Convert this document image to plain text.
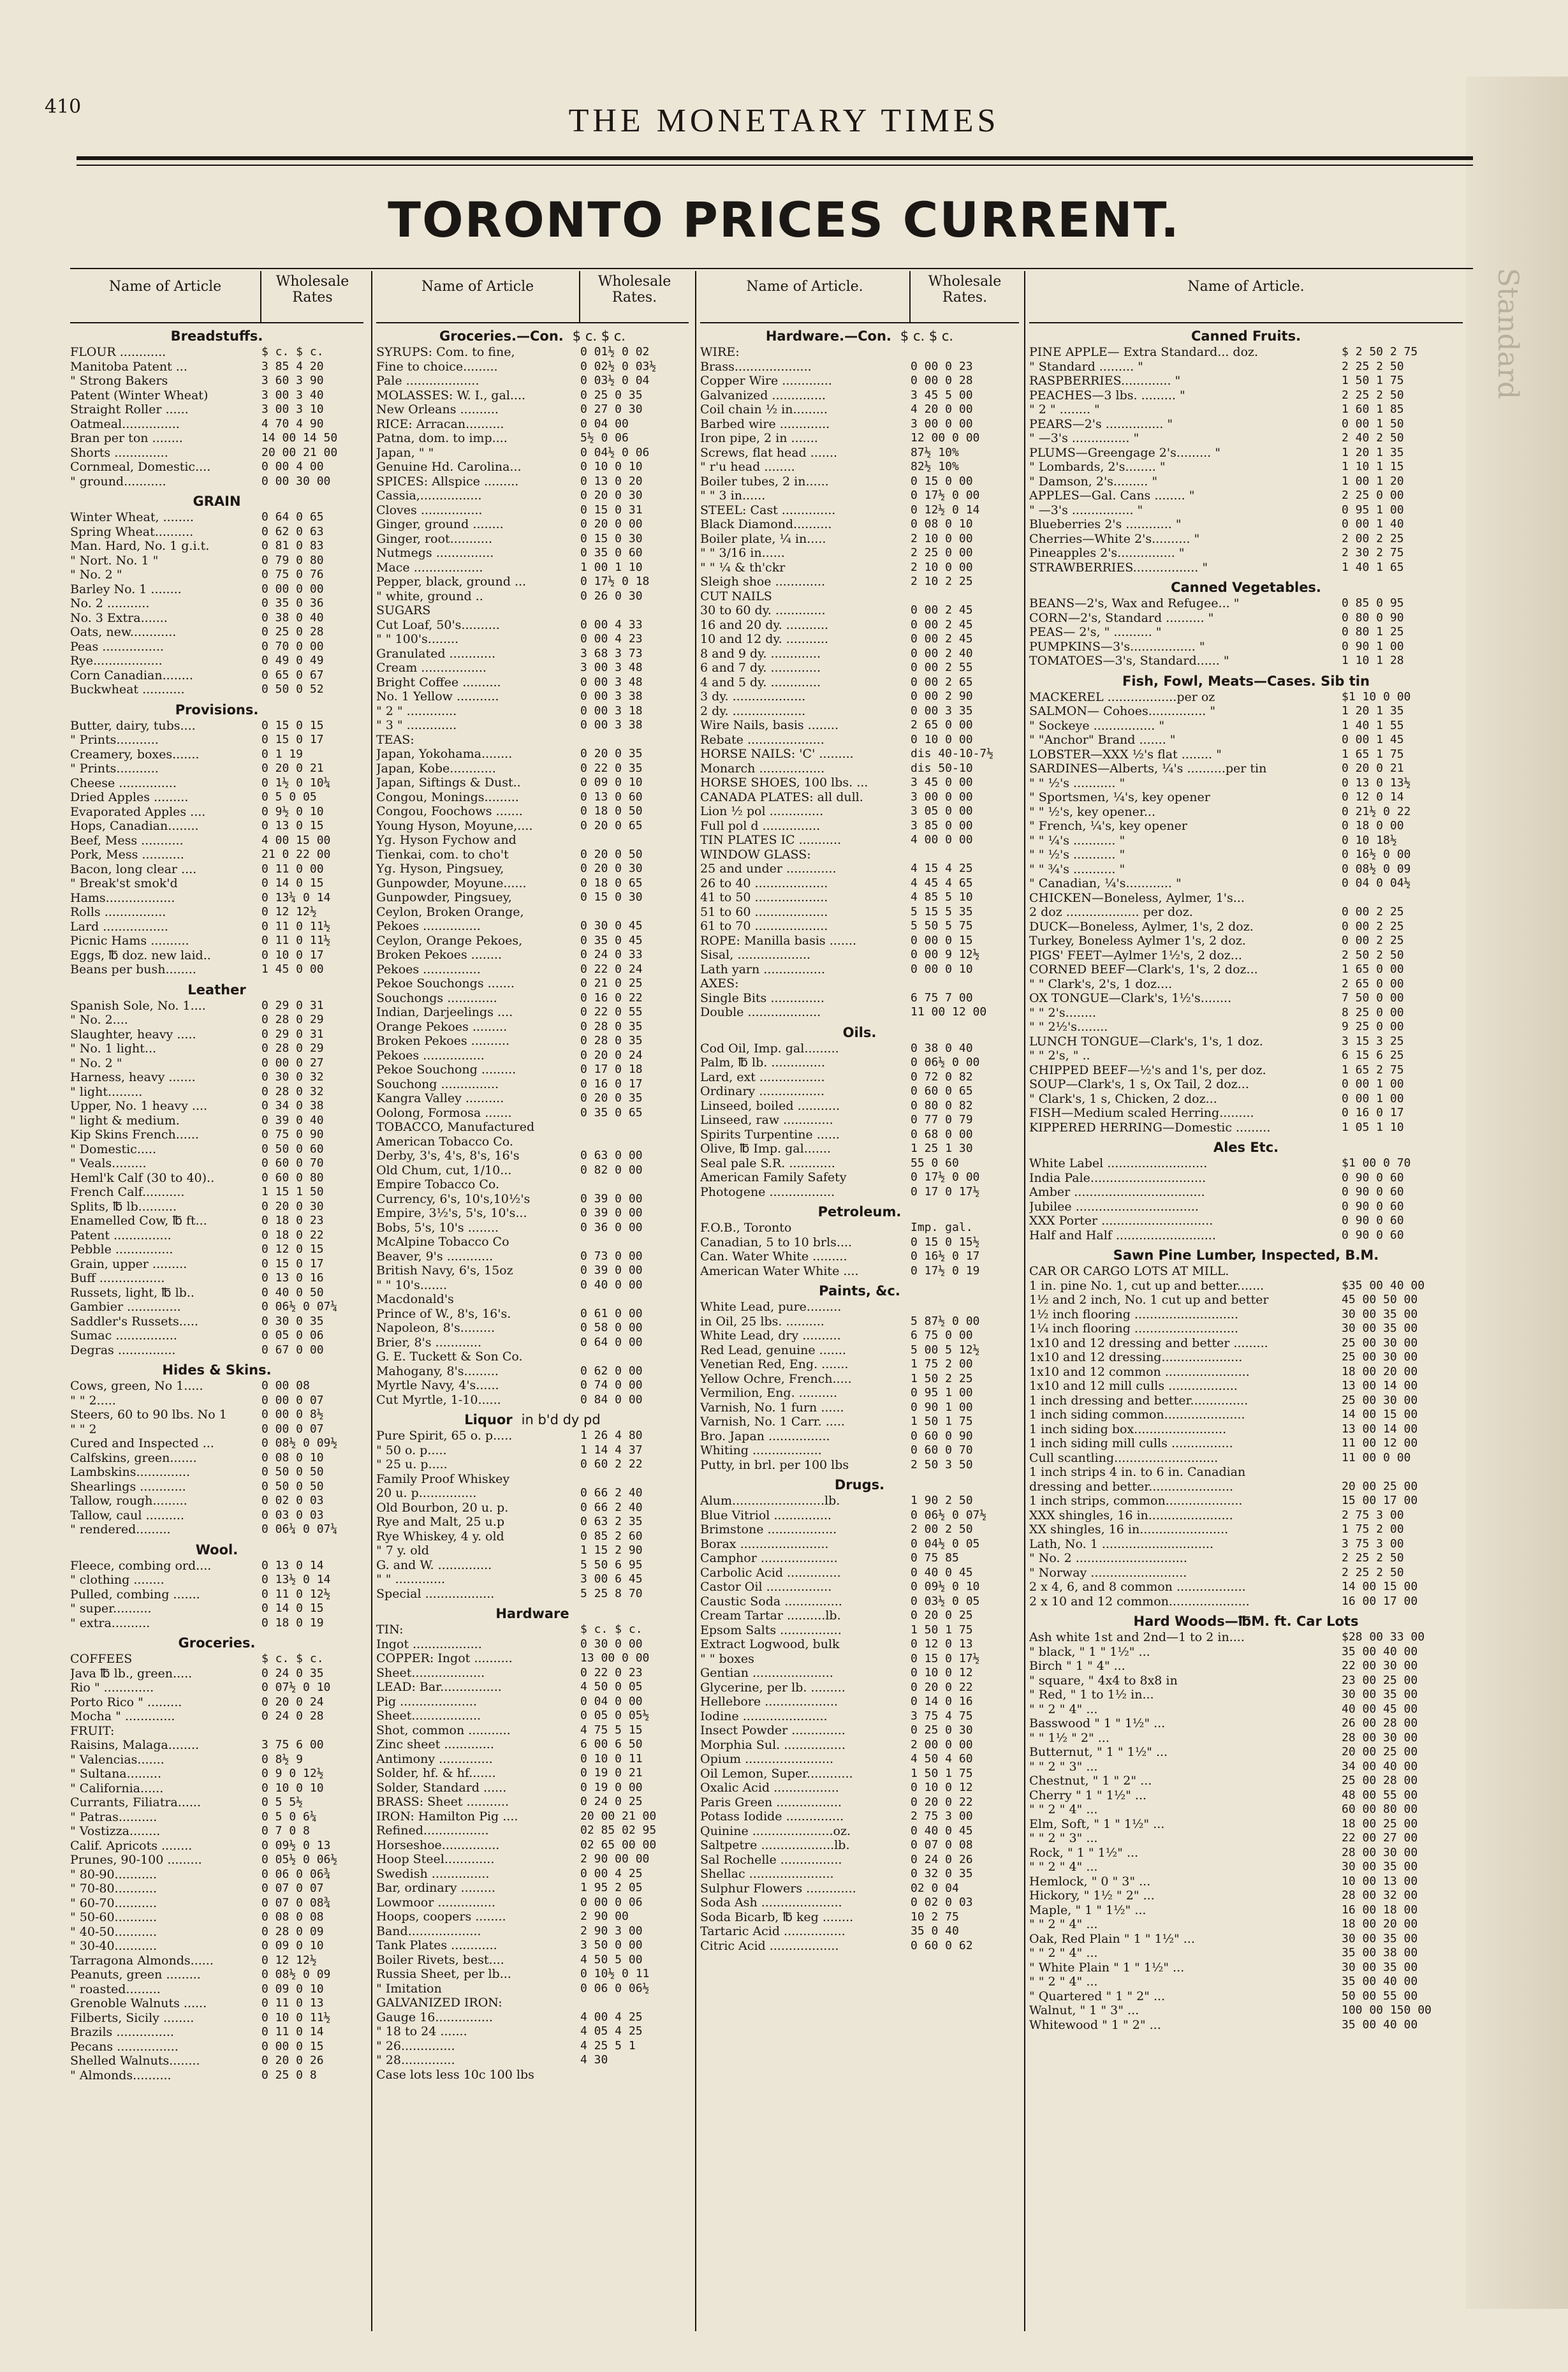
Standard
410	THE MONETARY TIMES
TORONTO PRICES CURRENT.
Name of Article	Wholesale Rates
Breadstuffs.
FLOUR ............	$ c. $ c.
Manitoba Patent ...	3 85 4 20
" Strong Bakers	3 60 3 90
Patent (Winter Wheat)	3 00 3 40
Straight Roller ......	3 00 3 10
Oatmeal...............	4 70 4 90
Bran per ton ........	14 00 14 50
Shorts ..............	20 00 21 00
Cornmeal, Domestic....	0 00 4 00
" ground...........	0 00 30 00
GRAIN
Winter Wheat, ........	0 64 0 65
Spring Wheat..........	0 62 0 63
Man. Hard, No. 1 g.i.t.	0 81 0 83
" Nort. No. 1 "	0 79 0 80
" No. 2 "	0 75 0 76
Barley No. 1 ........	0 00 0 00
No. 2 ...........	0 35 0 36
No. 3 Extra.......	0 38 0 40
Oats, new............	0 25 0 28
Peas ................	0 70 0 00
Rye..................	0 49 0 49
Corn Canadian........	0 65 0 67
Buckwheat ...........	0 50 0 52
Provisions.
Butter, dairy, tubs....	0 15 0 15
" Prints...........	0 15 0 17
Creamery, boxes.......	0 1 19
" Prints...........	0 20 0 21
Cheese ...............	0 1½ 0 10¼
Dried Apples .........	0 5 0 05
Evaporated Apples ....	0 9½ 0 10
Hops, Canadian........	0 13 0 15
Beef, Mess ...........	4 00 15 00
Pork, Mess ...........	21 0 22 00
Bacon, long clear ....	0 11 0 00
" Break'st smok'd	0 14 0 15
Hams..................	0 13¼ 0 14
Rolls ................	0 12 12½
Lard .................	0 11 0 11½
Picnic Hams ..........	0 11 0 11½
Eggs, ℔ doz. new laid..	0 10 0 17
Beans per bush........	1 45 0 00
Leather
Spanish Sole, No. 1....	0 29 0 31
" No. 2....	0 28 0 29
Slaughter, heavy .....	0 29 0 31
" No. 1 light...	0 28 0 29
" No. 2 "	0 00 0 27
Harness, heavy .......	0 30 0 32
" light.........	0 28 0 32
Upper, No. 1 heavy ....	0 34 0 38
" light & medium.	0 39 0 40
Kip Skins French......	0 75 0 90
" Domestic.....	0 50 0 60
" Veals.........	0 60 0 70
Heml'k Calf (30 to 40)..	0 60 0 80
French Calf...........	1 15 1 50
Splits, ℔ lb..........	0 20 0 30
Enamelled Cow, ℔ ft...	0 18 0 23
Patent ...............	0 18 0 22
Pebble ...............	0 12 0 15
Grain, upper .........	0 15 0 17
Buff .................	0 13 0 16
Russets, light, ℔ lb..	0 40 0 50
Gambier ..............	0 06½ 0 07¼
Saddler's Russets.....	0 30 0 35
Sumac ................	0 05 0 06
Degras ...............	0 67 0 00
Hides & Skins.
Cows, green, No 1.....	0 00 08
" " 2.....	0 00 0 07
Steers, 60 to 90 lbs. No 1	0 00 0 8½
" " 2	0 00 0 07
Cured and Inspected ...	0 08½ 0 09½
Calfskins, green.......	0 08 0 10
Lambskins..............	0 50 0 50
Shearlings ............	0 50 0 50
Tallow, rough.........	0 02 0 03
Tallow, caul ..........	0 03 0 03
" rendered.........	0 06¼ 0 07¼
Wool.
Fleece, combing ord....	0 13 0 14
" clothing ........	0 13½ 0 14
Pulled, combing .......	0 11 0 12½
" super..........	0 14 0 15
" extra..........	0 18 0 19
Groceries.
COFFEES	$ c. $ c.
Java ℔ lb., green.....	0 24 0 35
Rio " .............	0 07½ 0 10
Porto Rico " .........	0 20 0 24
Mocha " .............	0 24 0 28
FRUIT:
Raisins, Malaga........	3 75 6 00
" Valencias.......	0 8½ 9
" Sultana.........	0 9 0 12½
" California......	0 10 0 10
Currants, Filiatra......	0 5 5½
" Patras..........	0 5 0 6¼
" Vostizza........	0 7 0 8
Calif. Apricots ........	0 09½ 0 13
Prunes, 90-100 .........	0 05½ 0 06½
" 80-90...........	0 06 0 06¾
" 70-80...........	0 07 0 07
" 60-70...........	0 07 0 08¾
" 50-60...........	0 08 0 08
" 40-50...........	0 28 0 09
" 30-40...........	0 09 0 10
Tarragona Almonds......	0 12 12½
Peanuts, green .........	0 08½ 0 09
" roasted.........	0 09 0 10
Grenoble Walnuts ......	0 11 0 13
Filberts, Sicily ........	0 10 0 11½
Brazils ...............	0 11 0 14
Pecans ................	0 00 0 15
Shelled Walnuts........	0 20 0 26
" Almonds..........	0 25 0 8
Name of Article	Wholesale Rates.
Groceries.—Con. $ c. $ c.
SYRUPS: Com. to fine,	0 01½ 0 02
Fine to choice.........	0 02½ 0 03½
Pale ...................	0 03½ 0 04
MOLASSES: W. I., gal....	0 25 0 35
New Orleans ..........	0 27 0 30
RICE: Arracan..........	0 04 00
Patna, dom. to imp....	5½ 0 06
Japan, " "	0 04½ 0 06
Genuine Hd. Carolina...	0 10 0 10
SPICES: Allspice .........	0 13 0 20
Cassia,................	0 20 0 30
Cloves ................	0 15 0 31
Ginger, ground ........	0 20 0 00
Ginger, root...........	0 15 0 30
Nutmegs ...............	0 35 0 60
Mace ..................	1 00 1 10
Pepper, black, ground ...	0 17½ 0 18
" white, ground ..	0 26 0 30
SUGARS
Cut Loaf, 50's..........	0 00 4 33
" " 100's........	0 00 4 23
Granulated ............	3 68 3 73
Cream .................	3 00 3 48
Bright Coffee ..........	0 00 3 48
No. 1 Yellow ...........	0 00 3 38
" 2 " .............	0 00 3 18
" 3 " .............	0 00 3 38
TEAS:
Japan, Yokohama........	0 20 0 35
Japan, Kobe............	0 22 0 35
Japan, Siftings & Dust..	0 09 0 10
Congou, Monings.........	0 13 0 60
Congou, Foochows .......	0 18 0 50
Young Hyson, Moyune,....	0 20 0 65
Yg. Hyson Fychow and
Tienkai, com. to cho't	0 20 0 50
Yg. Hyson, Pingsuey,	0 20 0 30
Gunpowder, Moyune......	0 18 0 65
Gunpowder, Pingsuey,	0 15 0 30
Ceylon, Broken Orange,
Pekoes ...............	0 30 0 45
Ceylon, Orange Pekoes,	0 35 0 45
Broken Pekoes ........	0 24 0 33
Pekoes ...............	0 22 0 24
Pekoe Souchongs .......	0 21 0 25
Souchongs .............	0 16 0 22
Indian, Darjeelings ....	0 22 0 55
Orange Pekoes .........	0 28 0 35
Broken Pekoes ..........	0 28 0 35
Pekoes ................	0 20 0 24
Pekoe Souchong .........	0 17 0 18
Souchong ...............	0 16 0 17
Kangra Valley ..........	0 20 0 35
Oolong, Formosa .......	0 35 0 65
TOBACCO, Manufactured
American Tobacco Co.
Derby, 3's, 4's, 8's, 16's	0 63 0 00
Old Chum, cut, 1/10...	0 82 0 00
Empire Tobacco Co.
Currency, 6's, 10's,10½'s	0 39 0 00
Empire, 3½'s, 5's, 10's...	0 39 0 00
Bobs, 5's, 10's ........	0 36 0 00
McAlpine Tobacco Co
Beaver, 9's ............	0 73 0 00
British Navy, 6's, 15oz	0 39 0 00
" " 10's.......	0 40 0 00
Macdonald's
Prince of W., 8's, 16's.	0 61 0 00
Napoleon, 8's.........	0 58 0 00
Brier, 8's ............	0 64 0 00
G. E. Tuckett & Son Co.
Mahogany, 8's.........	0 62 0 00
Myrtle Navy, 4's......	0 74 0 00
Cut Myrtle, 1-10......	0 84 0 00
Liquor in b'd dy pd
Pure Spirit, 65 o. p.....	1 26 4 80
" 50 o. p.....	1 14 4 37
" 25 u. p.....	0 60 2 22
Family Proof Whiskey
20 u. p...............	0 66 2 40
Old Bourbon, 20 u. p.	0 66 2 40
Rye and Malt, 25 u.p	0 63 2 35
Rye Whiskey, 4 y. old	0 85 2 60
" 7 y. old	1 15 2 90
G. and W. ..............	5 50 6 95
" " .............	3 00 6 45
Special ..................	5 25 8 70
Hardware
TIN:	$ c. $ c.
Ingot ..................	0 30 0 00
COPPER: Ingot ..........	13 00 0 00
Sheet...................	0 22 0 23
LEAD: Bar................	4 50 0 05
Pig ....................	0 04 0 00
Sheet..................	0 05 0 05½
Shot, common ...........	4 75 5 15
Zinc sheet .............	6 00 6 50
Antimony ..............	0 10 0 11
Solder, hf. & hf.......	0 19 0 21
Solder, Standard ......	0 19 0 00
BRASS: Sheet ...........	0 24 0 25
IRON: Hamilton Pig ....	20 00 21 00
Refined.................	02 85 02 95
Horseshoe...............	02 65 00 00
Hoop Steel.............	2 90 00 00
Swedish ...............	0 00 4 25
Bar, ordinary .........	1 95 2 05
Lowmoor ...............	0 00 0 06
Hoops, coopers ........	2 90 00
Band...................	2 90 3 00
Tank Plates ............	3 50 0 00
Boiler Rivets, best....	4 50 5 00
Russia Sheet, per lb...	0 10½ 0 11
" Imitation	0 06 0 06½
GALVANIZED IRON:
Gauge 16...............	4 00 4 25
" 18 to 24 .......	4 05 4 25
" 26..............	4 25 5 1
" 28..............	4 30
Case lots less 10c 100 lbs
Name of Article.	Wholesale Rates.
Hardware.—Con. $ c. $ c.
WIRE:
Brass....................	0 00 0 23
Copper Wire .............	0 00 0 28
Galvanized ..............	3 45 5 00
Coil chain ½ in.........	4 20 0 00
Barbed wire .............	3 00 0 00
Iron pipe, 2 in .......	12 00 0 00
Screws, flat head .......	87½ 10%
" r'u head ........	82½ 10%
Boiler tubes, 2 in......	0 15 0 00
" " 3 in......	0 17½ 0 00
STEEL: Cast ..............	0 12½ 0 14
Black Diamond..........	0 08 0 10
Boiler plate, ¼ in.....	2 10 0 00
" " 3/16 in......	2 25 0 00
" " ¼ & th'ckr	2 10 0 00
Sleigh shoe .............	2 10 2 25
CUT NAILS
30 to 60 dy. .............	0 00 2 45
16 and 20 dy. ...........	0 00 2 45
10 and 12 dy. ...........	0 00 2 45
8 and 9 dy. .............	0 00 2 40
6 and 7 dy. .............	0 00 2 55
4 and 5 dy. .............	0 00 2 65
3 dy. ...................	0 00 2 90
2 dy. ...................	0 00 3 35
Wire Nails, basis ........	2 65 0 00
Rebate ....................	0 10 0 00
HORSE NAILS: 'C' .........	dis 40-10-7½
Monarch .................	dis 50-10
HORSE SHOES, 100 lbs. ...	3 45 0 00
CANADA PLATES: all dull.	3 00 0 00
Lion ½ pol ..............	3 05 0 00
Full pol d ...............	3 85 0 00
TIN PLATES IC ...........	4 00 0 00
WINDOW GLASS:
25 and under .............	4 15 4 25
26 to 40 ...................	4 45 4 65
41 to 50 ...................	4 85 5 10
51 to 60 ...................	5 15 5 35
61 to 70 ...................	5 50 5 75
ROPE: Manilla basis .......	0 00 0 15
Sisal, ...................	0 00 9 12½
Lath yarn ................	0 00 0 10
AXES:
Single Bits ..............	6 75 7 00
Double ...................	11 00 12 00
Oils.
Cod Oil, Imp. gal.........	0 38 0 40
Palm, ℔ lb. ..............	0 06½ 0 00
Lard, ext .................	0 72 0 82
Ordinary .................	0 60 0 65
Linseed, boiled ...........	0 80 0 82
Linseed, raw .............	0 77 0 79
Spirits Turpentine ......	0 68 0 00
Olive, ℔ Imp. gal.......	1 25 1 30
Seal pale S.R. ............	55 0 60
American Family Safety	0 17½ 0 00
Photogene .................	0 17 0 17½
Petroleum.
F.O.B., Toronto	Imp. gal.
Canadian, 5 to 10 brls....	0 15 0 15½
Can. Water White .........	0 16½ 0 17
American Water White ....	0 17½ 0 19
Paints, &c.
White Lead, pure.........
in Oil, 25 lbs. ..........	5 87½ 0 00
White Lead, dry ..........	6 75 0 00
Red Lead, genuine .......	5 00 5 12½
Venetian Red, Eng. .......	1 75 2 00
Yellow Ochre, French.....	1 50 2 25
Vermilion, Eng. ..........	0 95 1 00
Varnish, No. 1 furn ......	0 90 1 00
Varnish, No. 1 Carr. .....	1 50 1 75
Bro. Japan ................	0 60 0 90
Whiting ..................	0 60 0 70
Putty, in brl. per 100 lbs	2 50 3 50
Drugs.
Alum........................lb.	1 90 2 50
Blue Vitriol ...............	0 06½ 0 07½
Brimstone ..................	2 00 2 50
Borax .......................	0 04½ 0 05
Camphor ....................	0 75 85
Carbolic Acid ..............	0 40 0 45
Castor Oil .................	0 09½ 0 10
Caustic Soda ...............	0 03½ 0 05
Cream Tartar ..........lb.	0 20 0 25
Epsom Salts ................	1 50 1 75
Extract Logwood, bulk	0 12 0 13
" " boxes	0 15 0 17½
Gentian .....................	0 10 0 12
Glycerine, per lb. .........	0 20 0 22
Hellebore ...................	0 14 0 16
Iodine ......................	3 75 4 75
Insect Powder ..............	0 25 0 30
Morphia Sul. ................	2 00 0 00
Opium .......................	4 50 4 60
Oil Lemon, Super............	1 50 1 75
Oxalic Acid .................	0 10 0 12
Paris Green .................	0 20 0 22
Potass Iodide ...............	2 75 3 00
Quinine .....................oz.	0 40 0 45
Saltpetre ...................lb.	0 07 0 08
Sal Rochelle ................	0 24 0 26
Shellac ......................	0 32 0 35
Sulphur Flowers .............	02 0 04
Soda Ash .....................	0 02 0 03
Soda Bicarb, ℔ keg ........	10 2 75
Tartaric Acid ................	35 0 40
Citric Acid ..................	0 60 0 62
Name of Article.
Canned Fruits.
PINE APPLE— Extra Standard... doz.	$ 2 50 2 75
" Standard ......... "	2 25 2 50
RASPBERRIES............. "	1 50 1 75
PEACHES—3 lbs. ......... "	2 25 2 50
" 2 " ........ "	1 60 1 85
PEARS—2's ............... "	0 00 1 50
" —3's ............... "	2 40 2 50
PLUMS—Greengage 2's......... "	1 20 1 35
" Lombards, 2's........ "	1 10 1 15
" Damson, 2's......... "	1 00 1 20
APPLES—Gal. Cans ........ "	2 25 0 00
" —3's ................ "	0 95 1 00
Blueberries 2's ............ "	0 00 1 40
Cherries—White 2's.......... "	2 00 2 25
Pineapples 2's............... "	2 30 2 75
STRAWBERRIES................. "	1 40 1 65
Canned Vegetables.
BEANS—2's, Wax and Refugee... "	0 85 0 95
CORN—2's, Standard .......... "	0 80 0 90
PEAS— 2's, " .......... "	0 80 1 25
PUMPKINS—3's................. "	0 90 1 00
TOMATOES—3's, Standard...... "	1 10 1 28
Fish, Fowl, Meats—Cases. Sib tin
MACKEREL ..................per oz	$1 10 0 00
SALMON— Cohoes............... "	1 20 1 35
" Sockeye ................ "	1 40 1 55
" "Anchor" Brand ....... "	0 00 1 45
LOBSTER—XXX ½'s flat ........ "	1 65 1 75
SARDINES—Alberts, ¼'s ..........per tin	0 20 0 21
" " ½'s ........... "	0 13 0 13½
" Sportsmen, ¼'s, key opener	0 12 0 14
" " ½'s, key opener...	0 21½ 0 22
" French, ¼'s, key opener	0 18 0 00
" " ¼'s ........... "	0 10 18½
" " ½'s ........... "	0 16½ 0 00
" " ¾'s ........... "	0 08½ 0 09
" Canadian, ¼'s............ "	0 04 0 04½
CHICKEN—Boneless, Aylmer, 1's...
2 doz ................... per doz.	0 00 2 25
DUCK—Boneless, Aylmer, 1's, 2 doz.	0 00 2 25
Turkey, Boneless Aylmer 1's, 2 doz.	0 00 2 25
PIGS' FEET—Aylmer 1½'s, 2 doz...	2 50 2 50
CORNED BEEF—Clark's, 1's, 2 doz...	1 65 0 00
" " Clark's, 2's, 1 doz....	2 65 0 00
OX TONGUE—Clark's, 1½'s........	7 50 0 00
" " 2's........	8 25 0 00
" " 2½'s........	9 25 0 00
LUNCH TONGUE—Clark's, 1's, 1 doz.	3 15 3 25
" " 2's, " ..	6 15 6 25
CHIPPED BEEF—½'s and 1's, per doz.	1 65 2 75
SOUP—Clark's, 1 s, Ox Tail, 2 doz...	0 00 1 00
" Clark's, 1 s, Chicken, 2 doz...	0 00 1 00
FISH—Medium scaled Herring.........	0 16 0 17
KIPPERED HERRING—Domestic .........	1 05 1 10
Ales Etc.
White Label ..........................	$1 00 0 70
India Pale..............................	0 90 0 60
Amber ..................................	0 90 0 60
Jubilee ................................	0 90 0 60
XXX Porter .............................	0 90 0 60
Half and Half ..........................	0 90 0 60
Sawn Pine Lumber, Inspected, B.M.
CAR OR CARGO LOTS AT MILL.
1 in. pine No. 1, cut up and better.......	$35 00 40 00
1½ and 2 inch, No. 1 cut up and better	45 00 50 00
1½ inch flooring ...........................	30 00 35 00
1¼ inch flooring ...........................	30 00 35 00
1x10 and 12 dressing and better .........	25 00 30 00
1x10 and 12 dressing.....................	25 00 30 00
1x10 and 12 common ......................	18 00 20 00
1x10 and 12 mill culls ..................	13 00 14 00
1 inch dressing and better...............	25 00 30 00
1 inch siding common.....................	14 00 15 00
1 inch siding box........................	13 00 14 00
1 inch siding mill culls ................	11 00 12 00
Cull scantling...........................	11 00 0 00
1 inch strips 4 in. to 6 in. Canadian
dressing and better......................	20 00 25 00
1 inch strips, common....................	15 00 17 00
XXX shingles, 16 in......................	2 75 3 00
XX shingles, 16 in.......................	1 75 2 00
Lath, No. 1 .............................	3 75 3 00
" No. 2 .............................	2 25 2 50
" Norway .........................	2 25 2 50
2 x 4, 6, and 8 common ..................	14 00 15 00
2 x 10 and 12 common.....................	16 00 17 00
Hard Woods—℔M. ft. Car Lots
Ash white 1st and 2nd—1 to 2 in....	$28 00 33 00
" black, " 1 " 1½" ...	35 00 40 00
Birch " 1 " 4" ...	22 00 30 00
" square, " 4x4 to 8x8 in	23 00 25 00
" Red, " 1 to 1½ in...	30 00 35 00
" " 2 " 4" ...	40 00 45 00
Basswood " 1 " 1½" ...	26 00 28 00
" " 1½ " 2" ...	28 00 30 00
Butternut, " 1 " 1½" ...	20 00 25 00
" " 2 " 3" ...	34 00 40 00
Chestnut, " 1 " 2" ...	25 00 28 00
Cherry " 1 " 1½" ...	48 00 55 00
" " 2 " 4" ...	60 00 80 00
Elm, Soft, " 1 " 1½" ...	18 00 25 00
" " 2 " 3" ...	22 00 27 00
Rock, " 1 " 1½" ...	28 00 30 00
" " 2 " 4" ...	30 00 35 00
Hemlock, " 0 " 3" ...	10 00 13 00
Hickory, " 1½ " 2" ...	28 00 32 00
Maple, " 1 " 1½" ...	16 00 18 00
" " 2 " 4" ...	18 00 20 00
Oak, Red Plain " 1 " 1½" ...	30 00 35 00
" " 2 " 4" ...	35 00 38 00
" White Plain " 1 " 1½" ...	30 00 35 00
" " 2 " 4" ...	35 00 40 00
" Quartered " 1 " 2" ...	50 00 55 00
Walnut, " 1 " 3" ...	100 00 150 00
Whitewood " 1 " 2" ...	35 00 40 00
